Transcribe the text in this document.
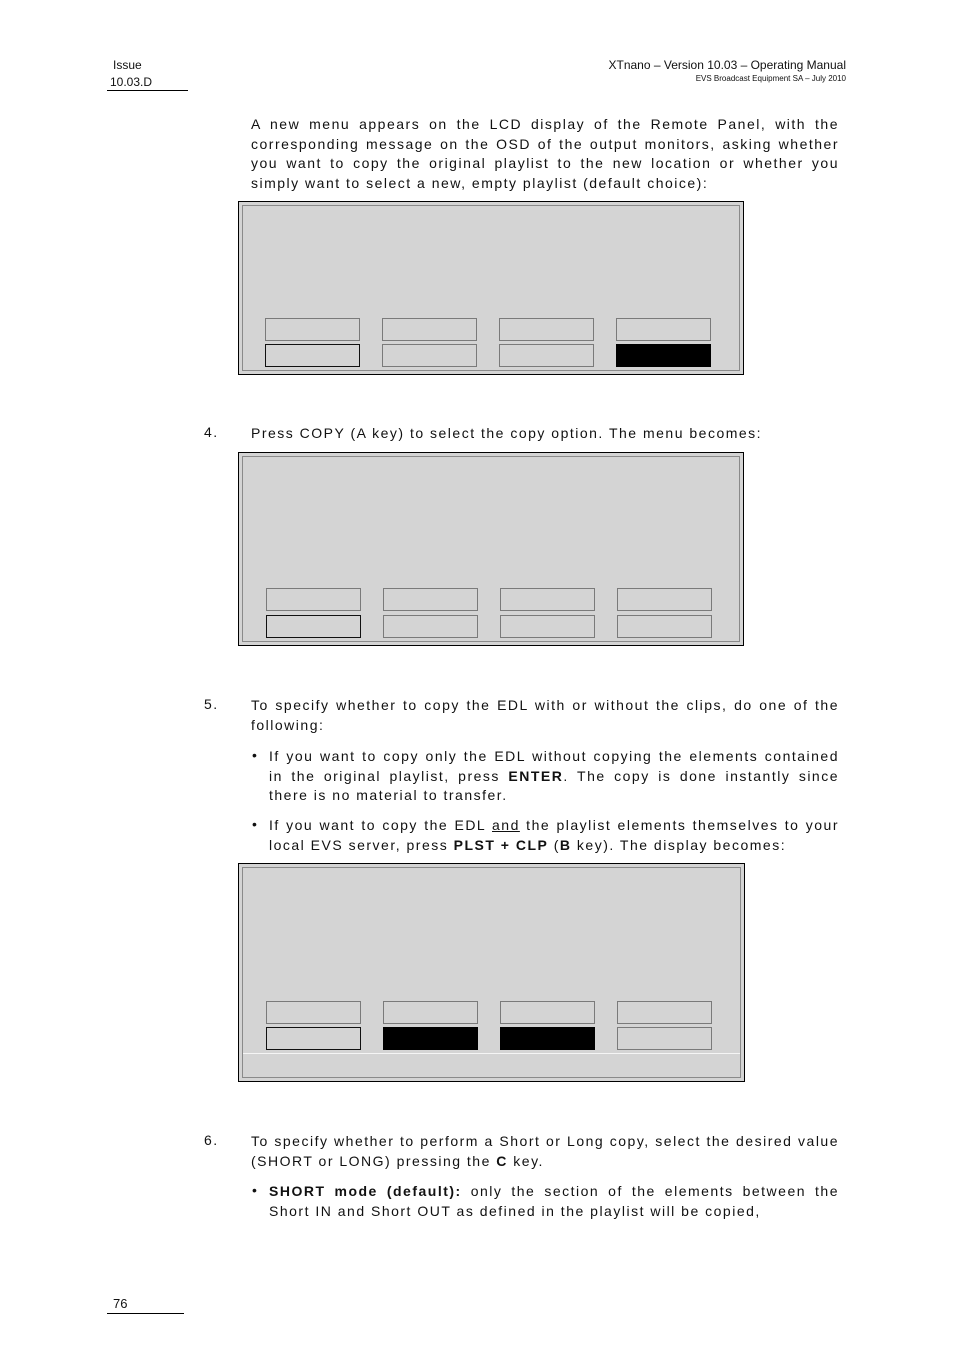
Issue
10.03.D
XTnano – Version 10.03 – Operating Manual
EVS Broadcast Equipment SA – July 2010

A new menu appears on the LCD display of the Remote Panel, with the corresponding message on the OSD of the output monitors, asking whether you want to copy the original playlist to the new location or whether you simply want to select a new, empty playlist (default choice):

4. Press COPY (A key) to select the copy option. The menu becomes:

5. To specify whether to copy the EDL with or without the clips, do one of the following:

• If you want to copy only the EDL without copying the elements contained in the original playlist, press ENTER. The copy is done instantly since there is no material to transfer.

• If you want to copy the EDL and the playlist elements themselves to your local EVS server, press PLST + CLP (B key). The display becomes:

6. To specify whether to perform a Short or Long copy, select the desired value (SHORT or LONG) pressing the C key.

• SHORT mode (default): only the section of the elements between the Short IN and Short OUT as defined in the playlist will be copied,

76
